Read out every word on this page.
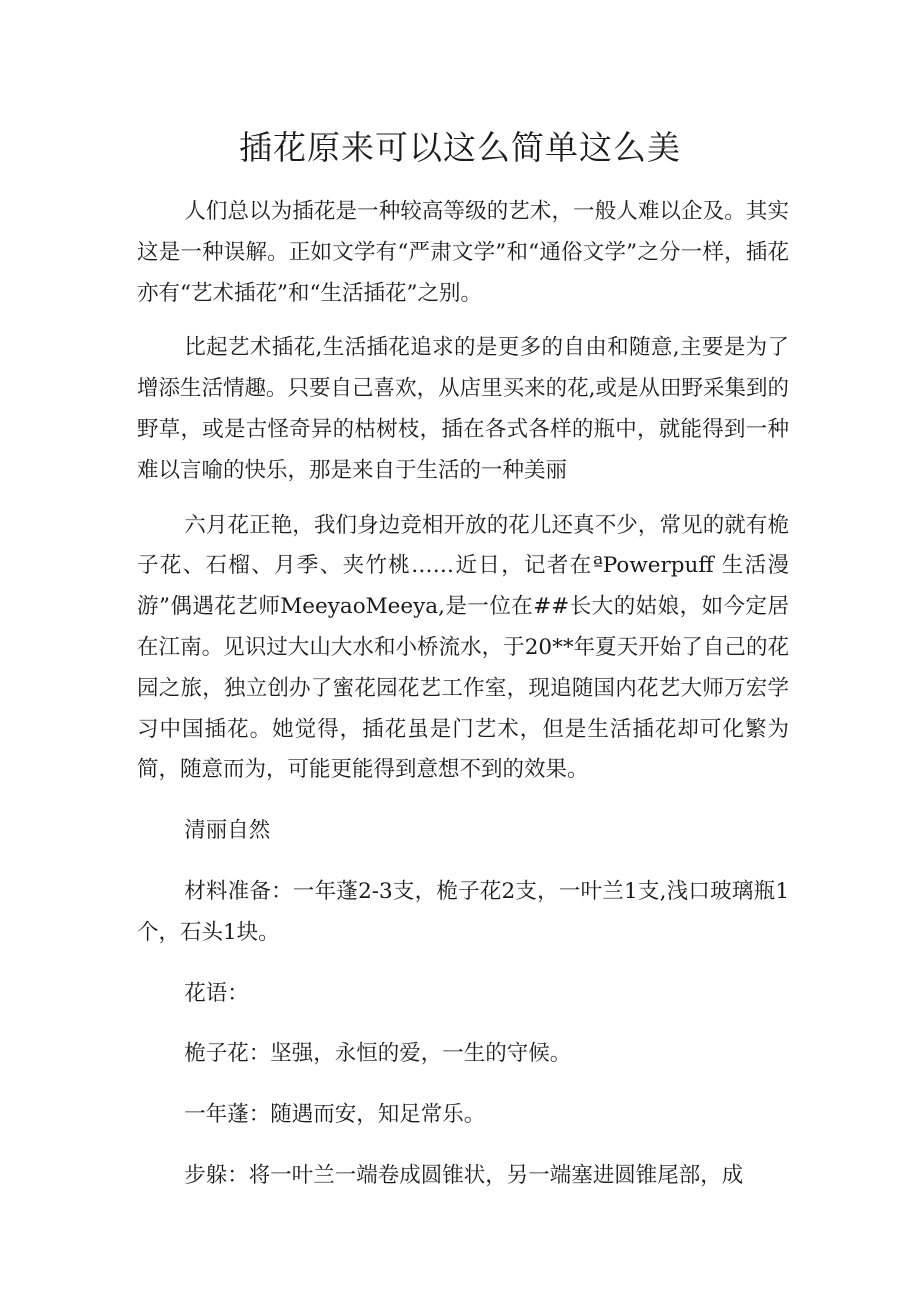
插花原来可以这么简单这么美

人们总以为插花是一种较高等级的艺术，一般人难以企及。其实这是一种误解。正如文学有“严肃文学”和“通俗文学”之分一样，插花亦有“艺术插花”和“生活插花”之别。

比起艺术插花,生活插花追求的是更多的自由和随意,主要是为了增添生活情趣。只要自己喜欢，从店里买来的花,或是从田野采集到的野草，或是古怪奇异的枯树枝，插在各式各样的瓶中，就能得到一种难以言喻的快乐，那是来自于生活的一种美丽

六月花正艳，我们身边竞相开放的花儿还真不少，常见的就有桅子花、石榴、月季、夹竹桃……近日，记者在ªPowerpuff 生活漫游”偶遇花艺师MeeyaoMeeya,是一位在##长大的姑娘，如今定居在江南。见识过大山大水和小桥流水，于20**年夏天开始了自己的花园之旅，独立创办了蜜花园花艺工作室，现追随国内花艺大师万宏学习中国插花。她觉得，插花虽是门艺术，但是生活插花却可化繁为简，随意而为，可能更能得到意想不到的效果。

清丽自然

材料准备：一年蓬2-3支，桅子花2支，一叶兰1支,浅口玻璃瓶1个，石头1块。

花语：

桅子花：坚强，永恒的爱，一生的守候。

一年蓬：随遇而安，知足常乐。

步躲：将一叶兰一端卷成圆锥状，另一端塞进圆锥尾部，成
